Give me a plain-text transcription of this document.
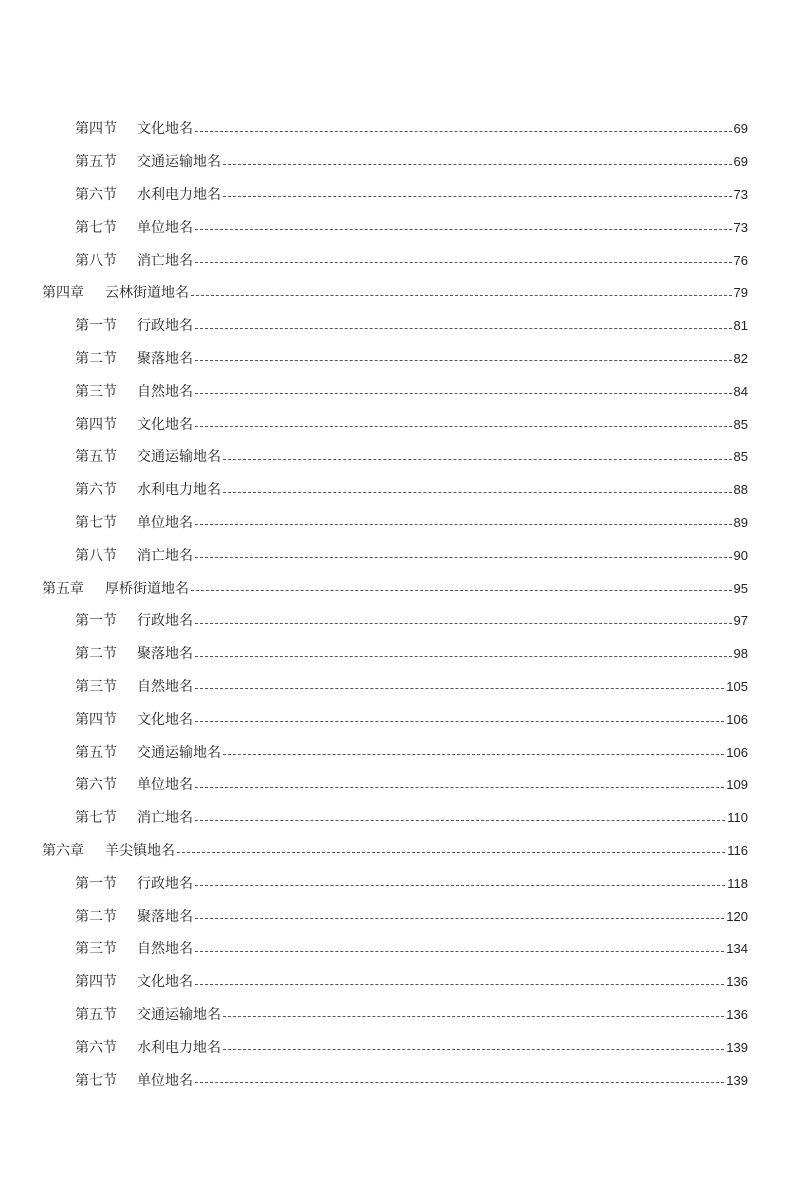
第四节	文化地名	69
第五节	交通运输地名	69
第六节	水利电力地名	73
第七节	单位地名	73
第八节	消亡地名	76
第四章	云林街道地名	79
第一节	行政地名	81
第二节	聚落地名	82
第三节	自然地名	84
第四节	文化地名	85
第五节	交通运输地名	85
第六节	水利电力地名	88
第七节	单位地名	89
第八节	消亡地名	90
第五章	厚桥街道地名	95
第一节	行政地名	97
第二节	聚落地名	98
第三节	自然地名	105
第四节	文化地名	106
第五节	交通运输地名	106
第六节	单位地名	109
第七节	消亡地名	110
第六章	羊尖镇地名	116
第一节	行政地名	118
第二节	聚落地名	120
第三节	自然地名	134
第四节	文化地名	136
第五节	交通运输地名	136
第六节	水利电力地名	139
第七节	单位地名	139
